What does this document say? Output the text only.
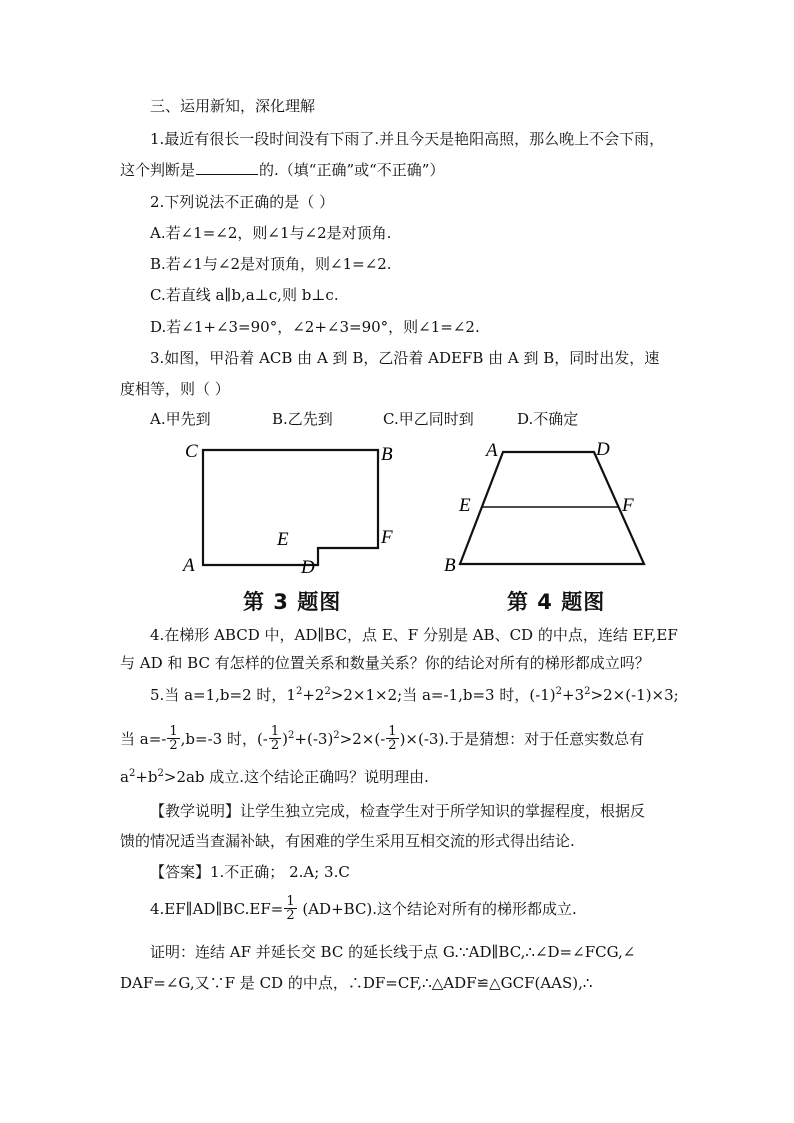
三、运用新知，深化理解
1.最近有很长一段时间没有下雨了.并且今天是艳阳高照，那么晚上不会下雨，
这个判断是	的.（填“正确”或“不正确”）
2.下列说法不正确的是（ ）
A.若∠1=∠2，则∠1与∠2是对顶角.
B.若∠1与∠2是对顶角，则∠1=∠2.
C.若直线 a∥b,a⊥c,则 b⊥c.
D.若∠1+∠3=90°，∠2+∠3=90°，则∠1=∠2.
3.如图，甲沿着 ACB 由 A 到 B，乙沿着 ADEFB 由 A 到 B，同时出发，速
度相等，则（ ）
A.甲先到	B.乙先到	C.甲乙同时到	D.不确定
C	B
E	F
A	D
A	D
E	F
B
第 3 题图	第 4 题图
4.在梯形 ABCD 中，AD∥BC，点 E、F 分别是 AB、CD 的中点，连结 EF,EF
与 AD 和 BC 有怎样的位置关系和数量关系？你的结论对所有的梯形都成立吗？
5.当 a=1,b=2 时，$1^2+2^2>2\times 1\times 2$;当 a=-1,b=3 时，$(-1)^2+3^2>2\times(-1)\times 3$;
当 $a=- \frac{1}{2} ,b=-3$ 时，(- $\frac{1}{2} )^2+(-3)^2>2\times(- \frac{1}{2} )\times(-3)$.于是猜想：对于任意实数总有
$a^2+b^2>2ab$ 成立.这个结论正确吗？说明理由.
【教学说明】让学生独立完成，检查学生对于所学知识的掌握程度，根据反
馈的情况适当查漏补缺，有困难的学生采用互相交流的形式得出结论.
【答案】1.不正确； 2.A; 3.C
4.EF∥AD∥BC.EF= $\frac{1}{2} (AD+BC)$.这个结论对所有的梯形都成立.
证明：连结 AF 并延长交 BC 的延长线于点 G.∵AD∥BC,∴∠D=∠FCG,∠
DAF=∠G,又∵F 是 CD 的中点，∴DF=CF,∴△ADF≌△GCF(AAS),∴
